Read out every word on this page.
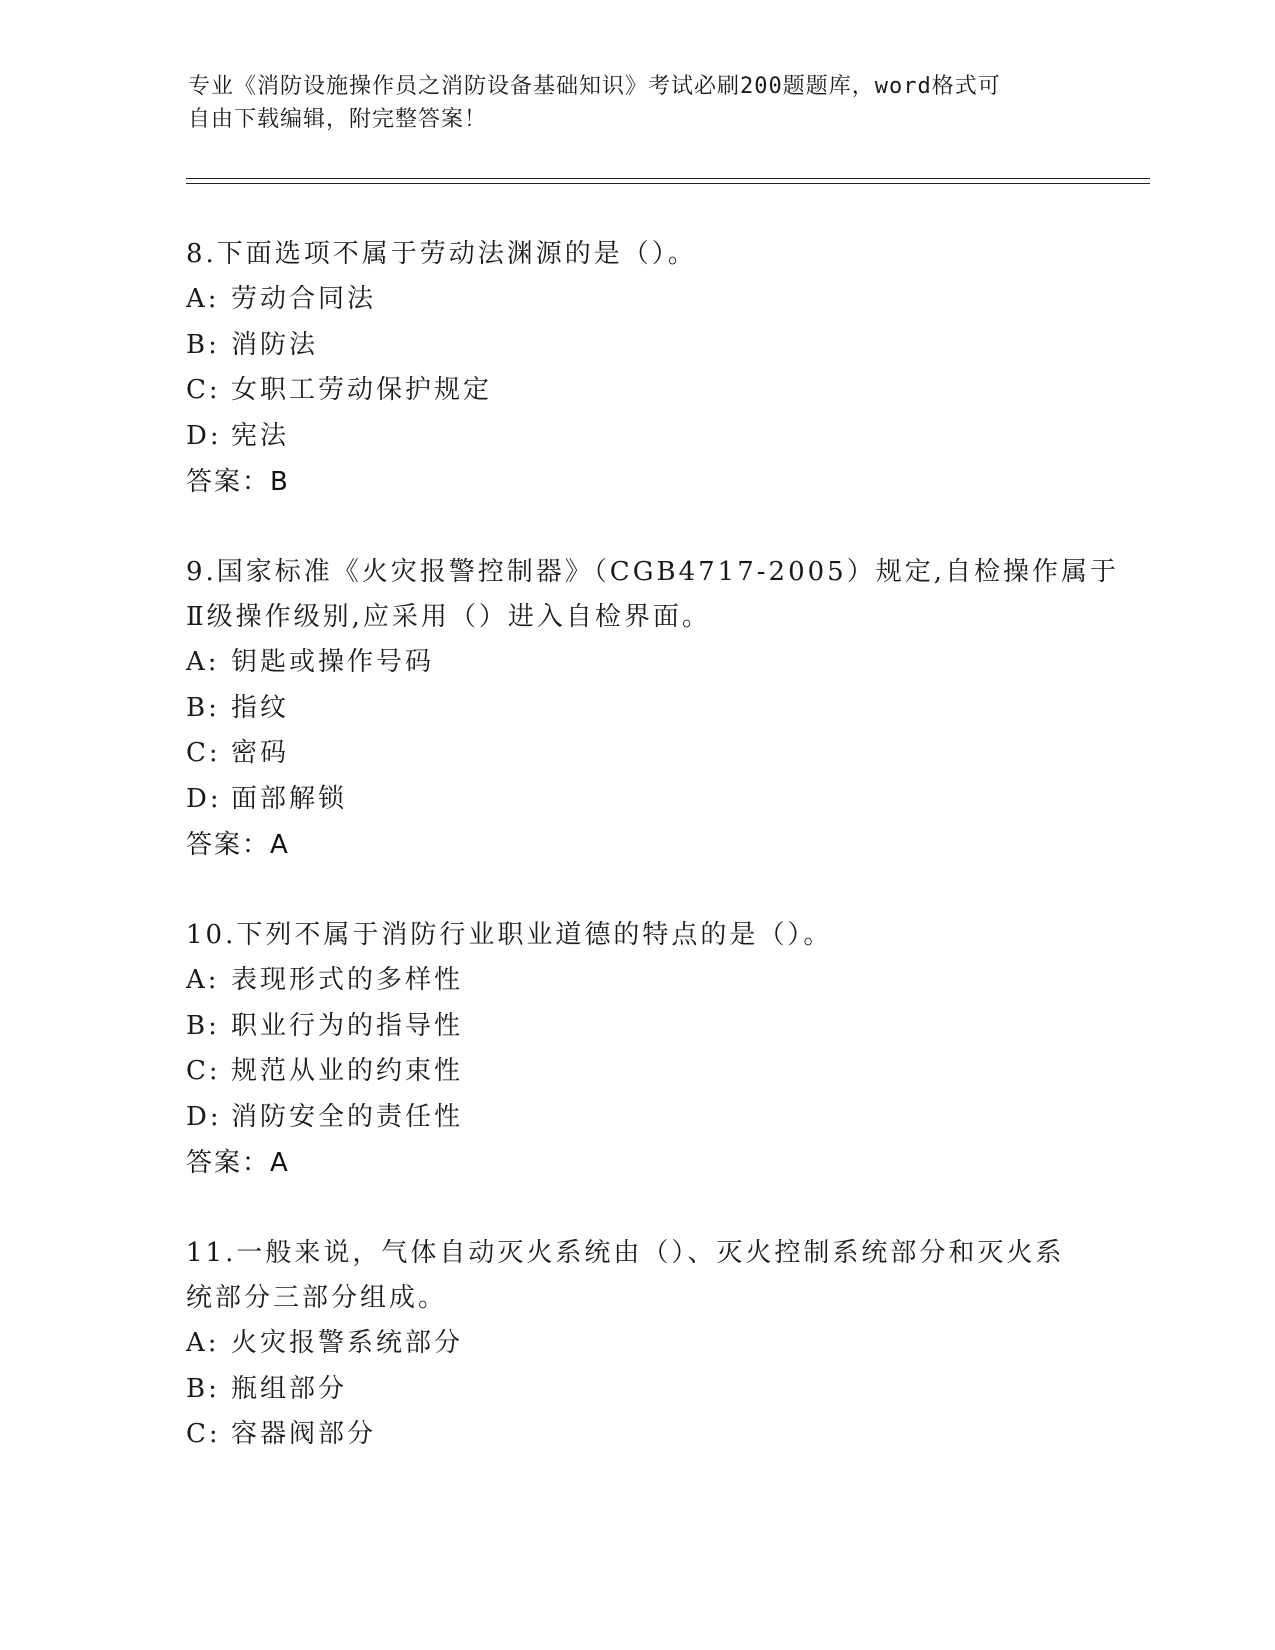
专业《消防设施操作员之消防设备基础知识》考试必刷200题题库，word格式可
自由下载编辑，附完整答案！
8.下面选项不属于劳动法渊源的是（）。
A: 劳动合同法
B: 消防法
C: 女职工劳动保护规定
D: 宪法
答案：B
9.国家标准《火灾报警控制器》（CGB4717-2005）规定,自检操作属于
Ⅱ级操作级别,应采用（）进入自检界面。
A: 钥匙或操作号码
B: 指纹
C: 密码
D: 面部解锁
答案：A
10.下列不属于消防行业职业道德的特点的是（）。
A: 表现形式的多样性
B: 职业行为的指导性
C: 规范从业的约束性
D: 消防安全的责任性
答案：A
11.一般来说，气体自动灭火系统由（）、灭火控制系统部分和灭火系
统部分三部分组成。
A: 火灾报警系统部分
B: 瓶组部分
C: 容器阀部分
